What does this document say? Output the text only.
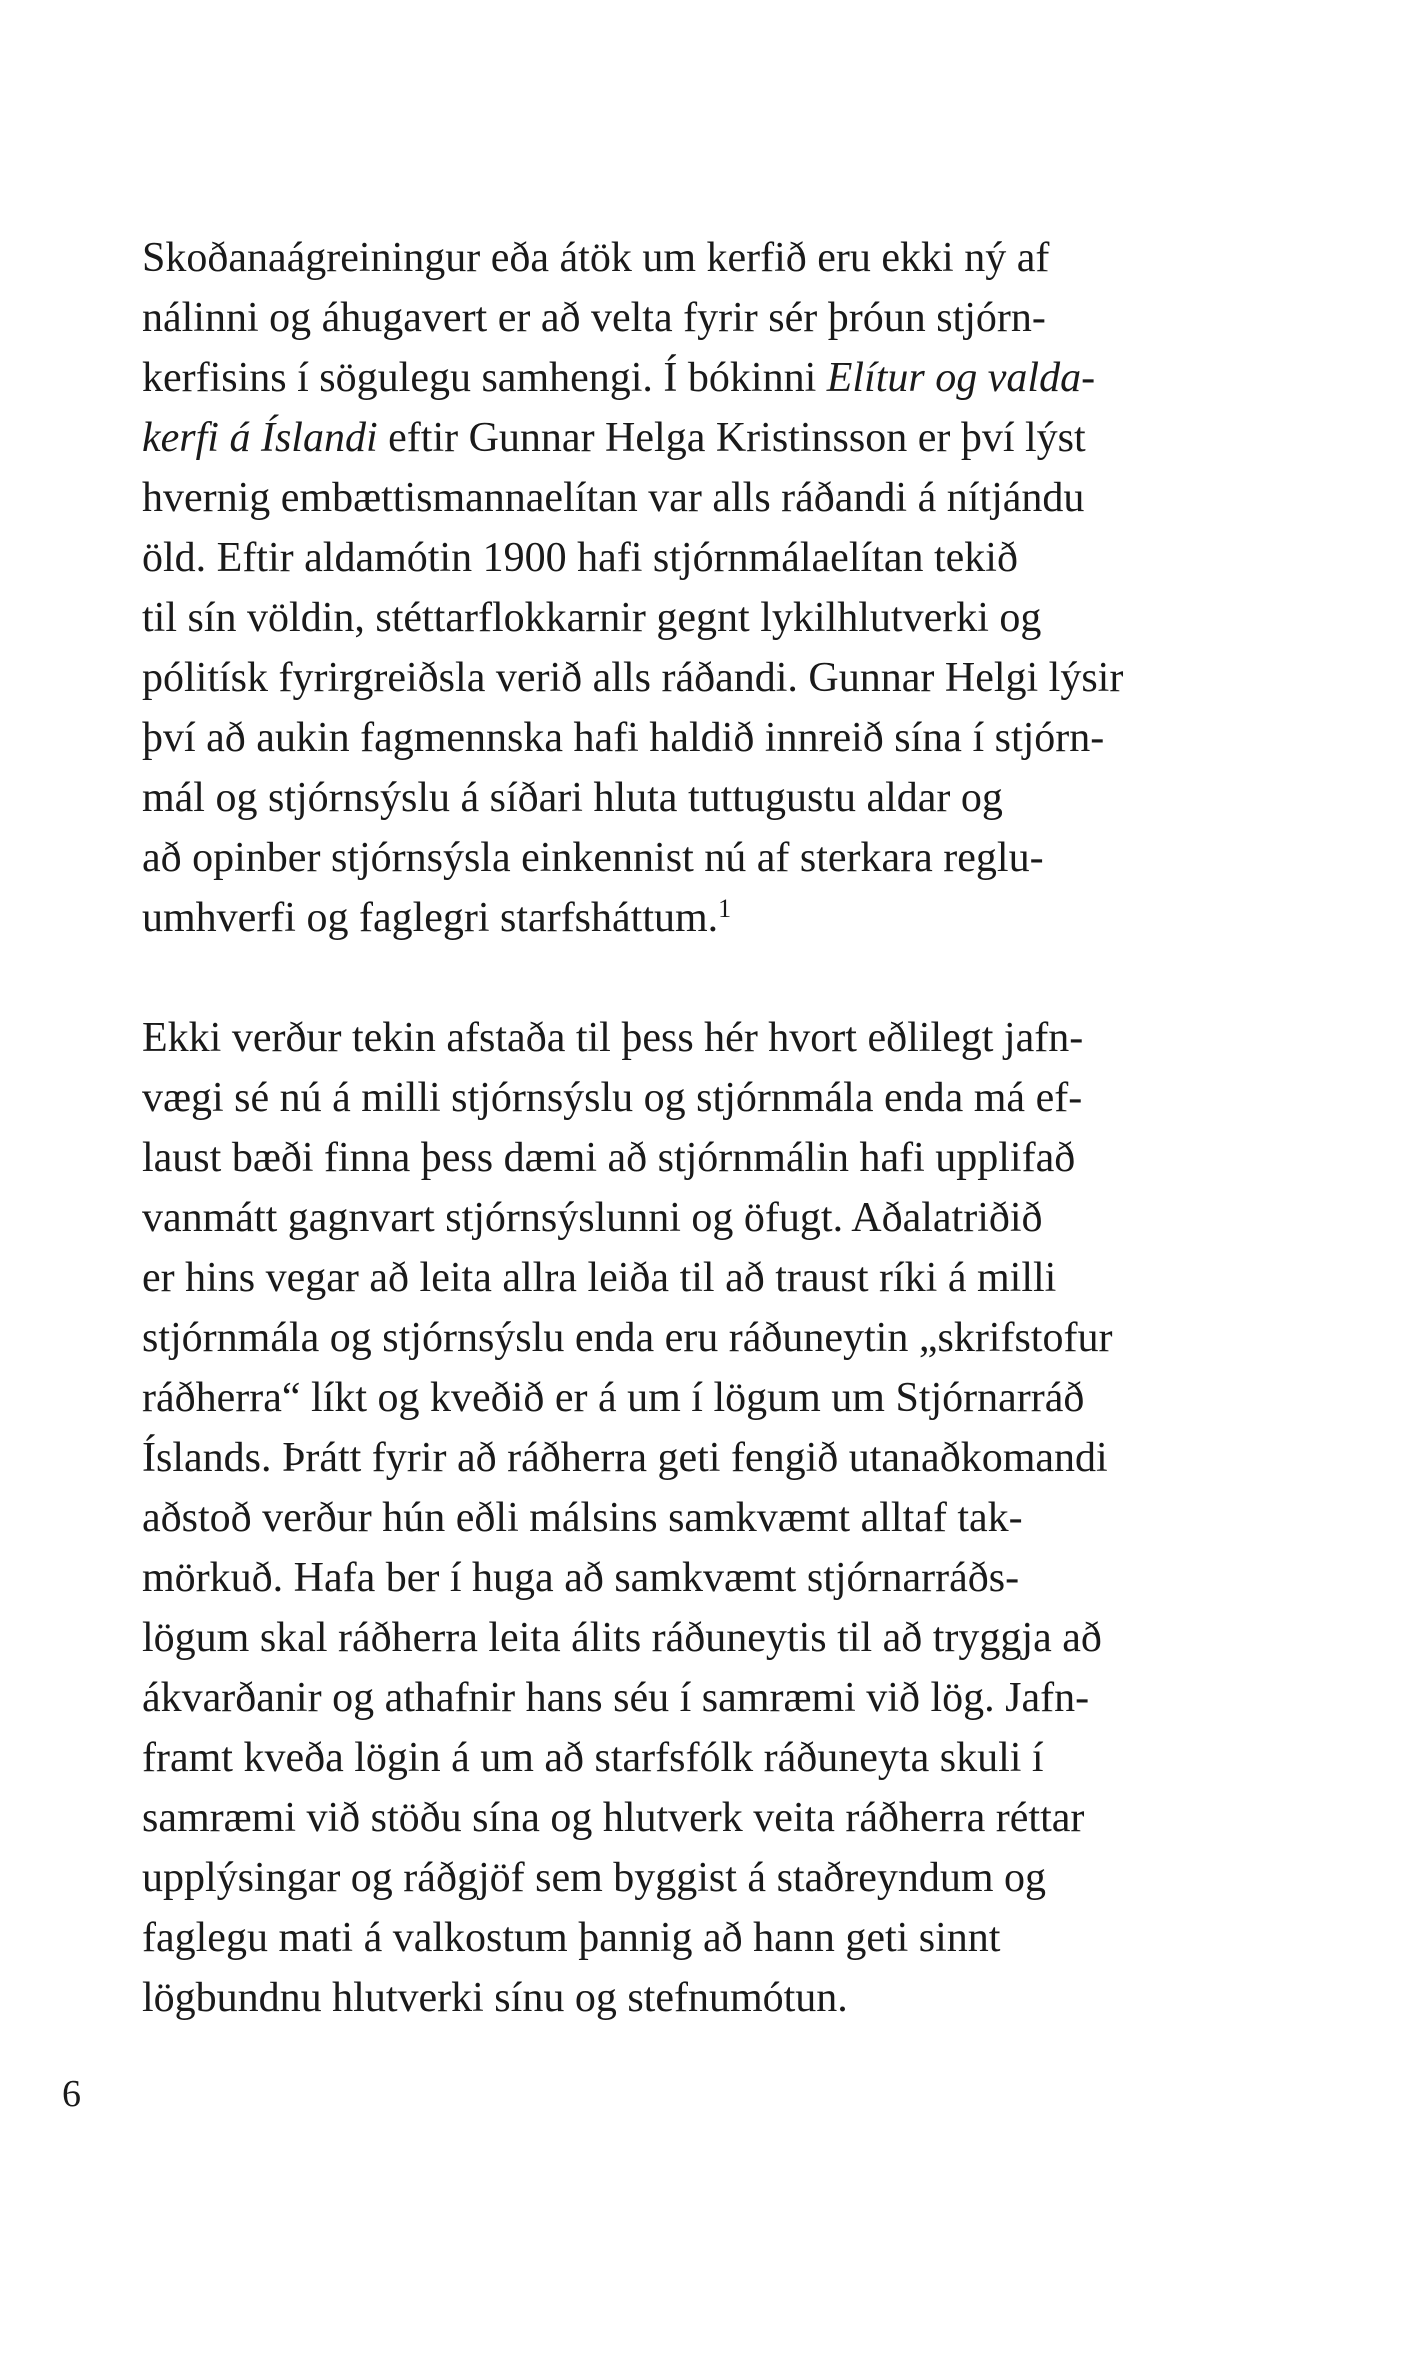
Skoðanaágreiningur eða átök um kerfið eru ekki ný af
nálinni og áhugavert er að velta fyrir sér þróun stjórn-
kerfisins í sögulegu samhengi. Í bókinni Elítur og valda-
kerfi á Íslandi eftir Gunnar Helga Kristinsson er því lýst
hvernig embættismannaelítan var alls ráðandi á nítjándu
öld. Eftir aldamótin 1900 hafi stjórnmálaelítan tekið
til sín völdin, stéttarflokkarnir gegnt lykilhlutverki og
pólitísk fyrirgreiðsla verið alls ráðandi. Gunnar Helgi lýsir
því að aukin fagmennska hafi haldið innreið sína í stjórn-
mál og stjórnsýslu á síðari hluta tuttugustu aldar og
að opinber stjórnsýsla einkennist nú af sterkara reglu-
umhverfi og faglegri starfsháttum.$^1$
Ekki verður tekin afstaða til þess hér hvort eðlilegt jafn-
vægi sé nú á milli stjórnsýslu og stjórnmála enda má ef-
laust bæði finna þess dæmi að stjórnmálin hafi upplifað
vanmátt gagnvart stjórnsýslunni og öfugt. Aðalatriðið
er hins vegar að leita allra leiða til að traust ríki á milli
stjórnmála og stjórnsýslu enda eru ráðuneytin „skrifstofur
ráðherra“ líkt og kveðið er á um í lögum um Stjórnarráð
Íslands. Þrátt fyrir að ráðherra geti fengið utanaðkomandi
aðstoð verður hún eðli málsins samkvæmt alltaf tak-
mörkuð. Hafa ber í huga að samkvæmt stjórnarráðs-
lögum skal ráðherra leita álits ráðuneytis til að tryggja að
ákvarðanir og athafnir hans séu í samræmi við lög. Jafn-
framt kveða lögin á um að starfsfólk ráðuneyta skuli í
samræmi við stöðu sína og hlutverk veita ráðherra réttar
upplýsingar og ráðgjöf sem byggist á staðreyndum og
faglegu mati á valkostum þannig að hann geti sinnt
lögbundnu hlutverki sínu og stefnumótun.
6
